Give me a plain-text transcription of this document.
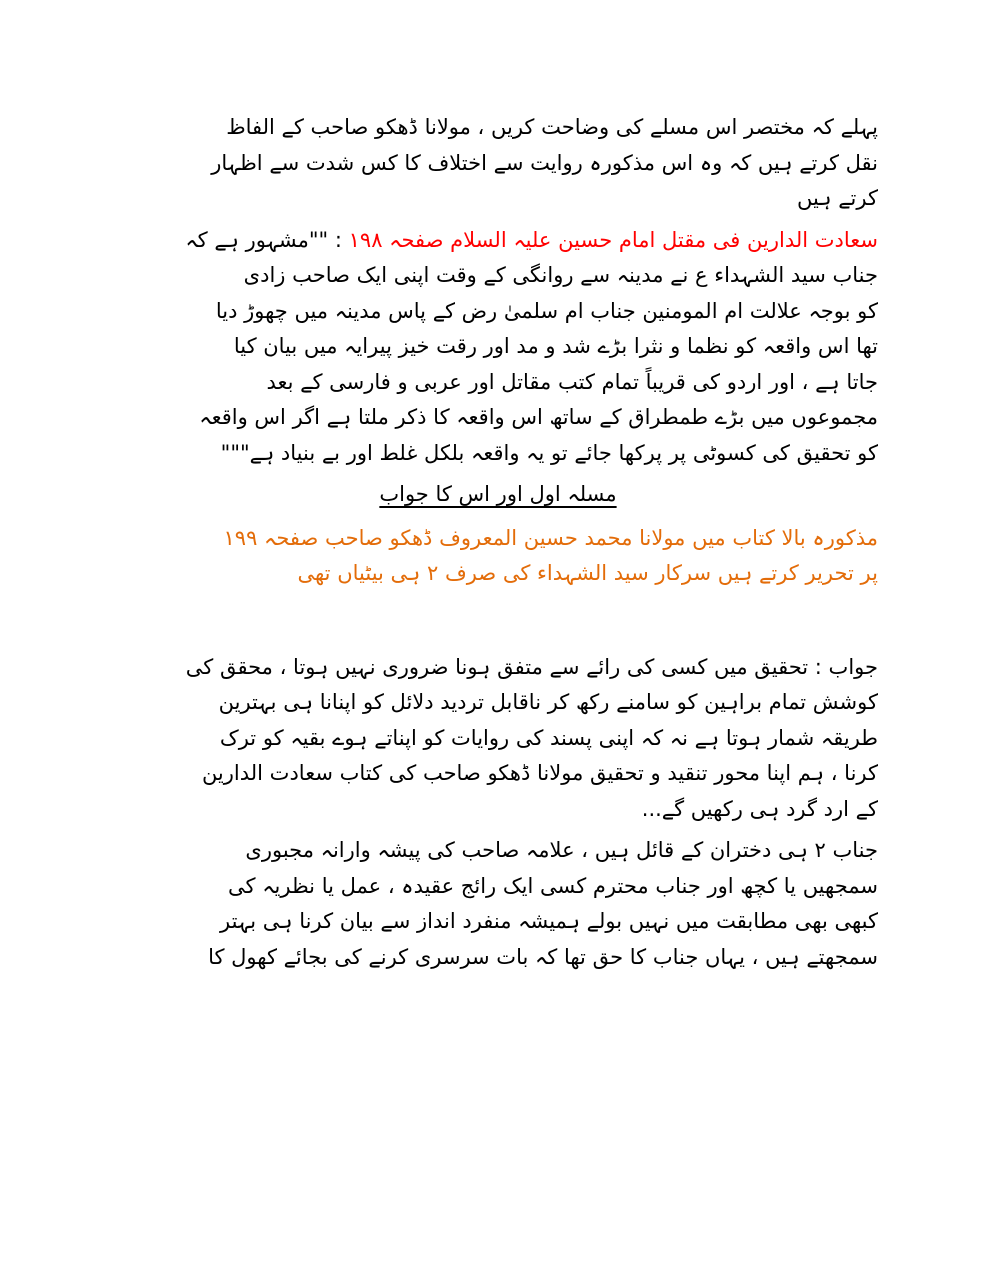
پہلے کہ مختصر اس مسلے کی وضاحت کریں ، مولانا ڈھکو صاحب کے الفاظ
نقل کرتے ہیں کہ وہ اس مذکورہ روایت سے اختلاف کا کس شدت سے اظہار
کرتے ہیں
سعادت الدارین فی مقتل امام حسین علیہ السلام صفحہ ۱۹۸ : ""مشہور ہے کہ
جناب سید الشہداء ع نے مدینہ سے روانگی کے وقت اپنی ایک صاحب زادی
کو بوجہ علالت ام المومنین جناب ام سلمیٰ رض کے پاس مدینہ میں چھوڑ دیا
تھا اس واقعہ کو نظما و نثرا بڑے شد و مد اور رقت خیز پیرایہ میں بیان کیا
جاتا ہے ، اور اردو کی قریباً تمام کتب مقاتل اور عربی و فارسی کے بعد
مجموعوں میں بڑے طمطراق کے ساتھ اس واقعہ کا ذکر ملتا ہے اگر اس واقعہ
کو تحقیق کی کسوٹی پر پرکھا جائے تو یہ واقعہ بلکل غلط اور بے بنیاد ہے"""
مسلہ اول اور اس کا جواب
مذکورہ بالا کتاب میں مولانا محمد حسین المعروف ڈھکو صاحب صفحہ ۱۹۹
پر تحریر کرتے ہیں سرکار سید الشہداء کی صرف ۲ ہی بیٹیاں تھی
جواب : تحقیق میں کسی کی رائے سے متفق ہونا ضروری نہیں ہوتا ، محقق کی
کوشش تمام براہین کو سامنے رکھ کر ناقابل تردید دلائل کو اپنانا ہی بہترین
طریقہ شمار ہوتا ہے نہ کہ اپنی پسند کی روایات کو اپناتے ہوے بقیہ کو ترک
کرنا ، ہم اپنا محور تنقید و تحقیق مولانا ڈھکو صاحب کی کتاب سعادت الدارین
کے ارد گرد ہی رکھیں گے...
جناب ۲ ہی دختران کے قائل ہیں ، علامہ صاحب کی پیشہ وارانہ مجبوری
سمجھیں یا کچھ اور جناب محترم کسی ایک رائج عقیدہ ، عمل یا نظریہ کی
کبھی بھی مطابقت میں نہیں بولے ہمیشہ منفرد انداز سے بیان کرنا ہی بہتر
سمجھتے ہیں ، یہاں جناب کا حق تھا کہ بات سرسری کرنے کی بجائے کھول کا
